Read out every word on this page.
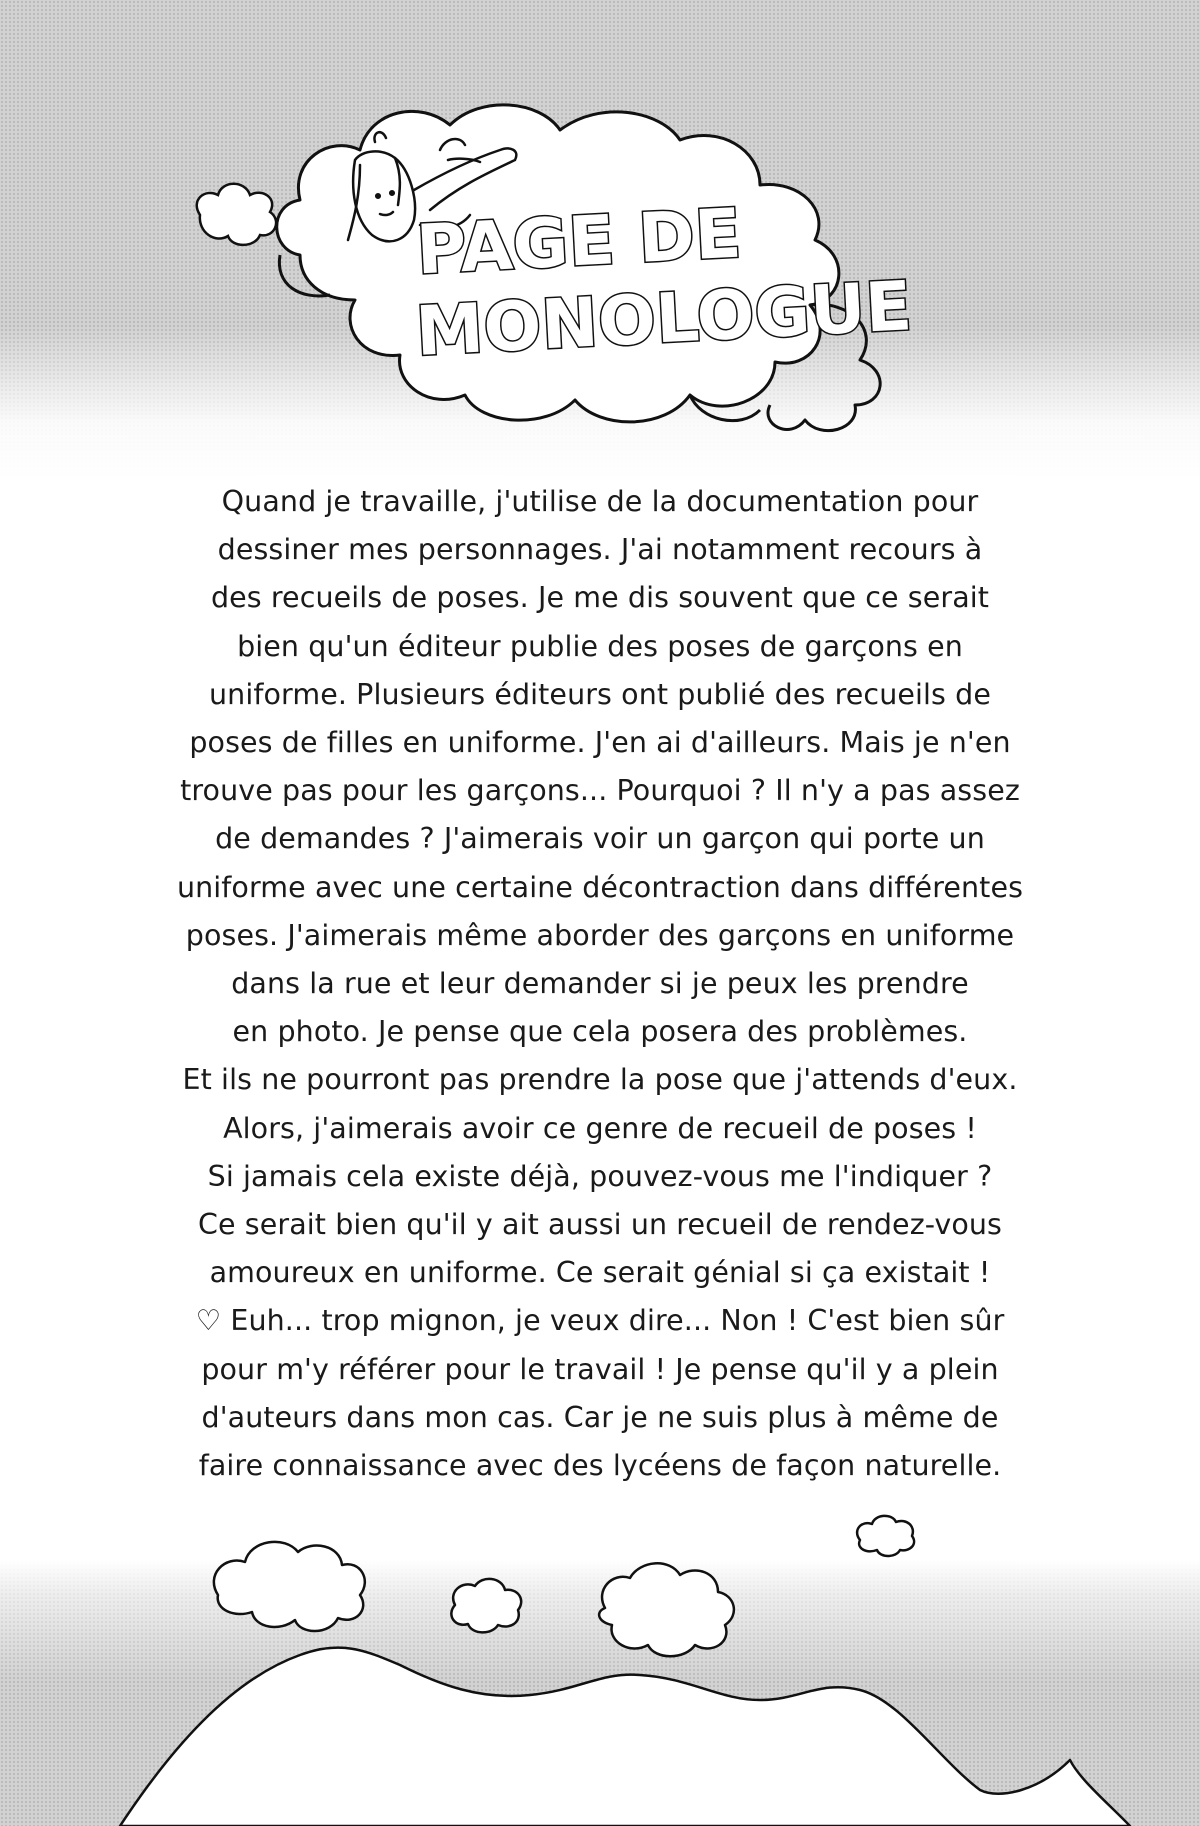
PAGE DE
MONOLOGUE
Quand je travaille, j'utilise de la documentation pour
dessiner mes personnages. J'ai notamment recours à
des recueils de poses. Je me dis souvent que ce serait
bien qu'un éditeur publie des poses de garçons en
uniforme. Plusieurs éditeurs ont publié des recueils de
poses de filles en uniforme. J'en ai d'ailleurs. Mais je n'en
trouve pas pour les garçons... Pourquoi ? Il n'y a pas assez
de demandes ? J'aimerais voir un garçon qui porte un
uniforme avec une certaine décontraction dans différentes
poses. J'aimerais même aborder des garçons en uniforme
dans la rue et leur demander si je peux les prendre
en photo. Je pense que cela posera des problèmes.
Et ils ne pourront pas prendre la pose que j'attends d'eux.
Alors, j'aimerais avoir ce genre de recueil de poses !
Si jamais cela existe déjà, pouvez-vous me l'indiquer ?
Ce serait bien qu'il y ait aussi un recueil de rendez-vous
amoureux en uniforme. Ce serait génial si ça existait !
♡ Euh... trop mignon, je veux dire... Non ! C'est bien sûr
pour m'y référer pour le travail ! Je pense qu'il y a plein
d'auteurs dans mon cas. Car je ne suis plus à même de
faire connaissance avec des lycéens de façon naturelle.
